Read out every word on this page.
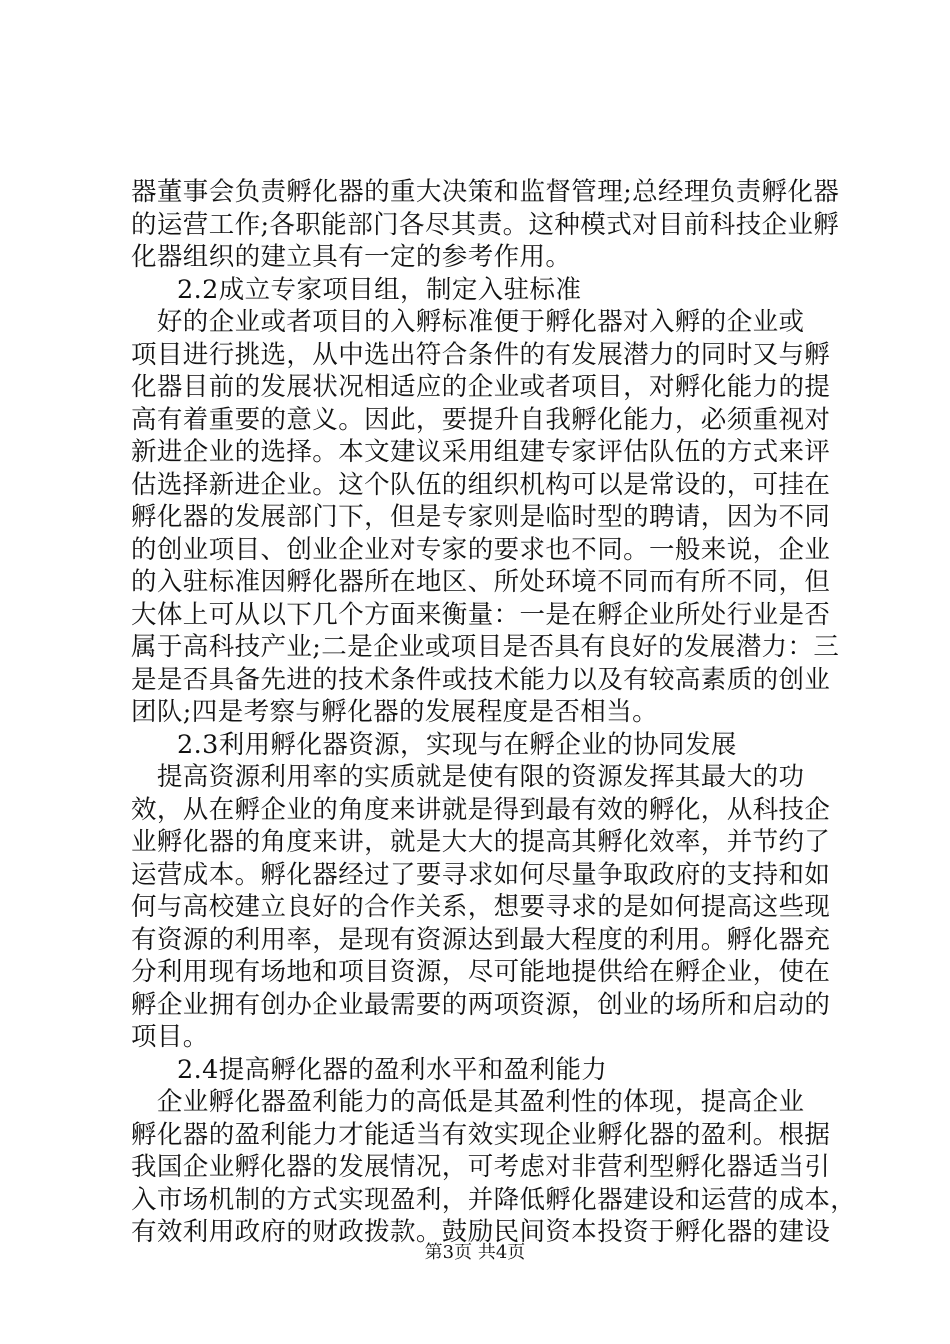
器董事会负责孵化器的重大决策和监督管理;总经理负责孵化器
的运营工作;各职能部门各尽其责。这种模式对目前科技企业孵
化器组织的建立具有一定的参考作用。
2.2成立专家项目组，制定入驻标准
　好的企业或者项目的入孵标准便于孵化器对入孵的企业或
项目进行挑选，从中选出符合条件的有发展潜力的同时又与孵
化器目前的发展状况相适应的企业或者项目，对孵化能力的提
高有着重要的意义。因此，要提升自我孵化能力，必须重视对
新进企业的选择。本文建议采用组建专家评估队伍的方式来评
估选择新进企业。这个队伍的组织机构可以是常设的，可挂在
孵化器的发展部门下，但是专家则是临时型的聘请，因为不同
的创业项目、创业企业对专家的要求也不同。一般来说，企业
的入驻标准因孵化器所在地区、所处环境不同而有所不同，但
大体上可从以下几个方面来衡量：一是在孵企业所处行业是否
属于高科技产业;二是企业或项目是否具有良好的发展潜力：三
是是否具备先进的技术条件或技术能力以及有较高素质的创业
团队;四是考察与孵化器的发展程度是否相当。
2.3利用孵化器资源，实现与在孵企业的协同发展
　提高资源利用率的实质就是使有限的资源发挥其最大的功
效，从在孵企业的角度来讲就是得到最有效的孵化，从科技企
业孵化器的角度来讲，就是大大的提高其孵化效率，并节约了
运营成本。孵化器经过了要寻求如何尽量争取政府的支持和如
何与高校建立良好的合作关系，想要寻求的是如何提高这些现
有资源的利用率，是现有资源达到最大程度的利用。孵化器充
分利用现有场地和项目资源，尽可能地提供给在孵企业，使在
孵企业拥有创办企业最需要的两项资源，创业的场所和启动的
项目。
2.4提高孵化器的盈利水平和盈利能力
　企业孵化器盈利能力的高低是其盈利性的体现，提高企业
孵化器的盈利能力才能适当有效实现企业孵化器的盈利。根据
我国企业孵化器的发展情况，可考虑对非营利型孵化器适当引
入市场机制的方式实现盈利，并降低孵化器建设和运营的成本，
有效利用政府的财政拨款。鼓励民间资本投资于孵化器的建设
第3页 共4页
